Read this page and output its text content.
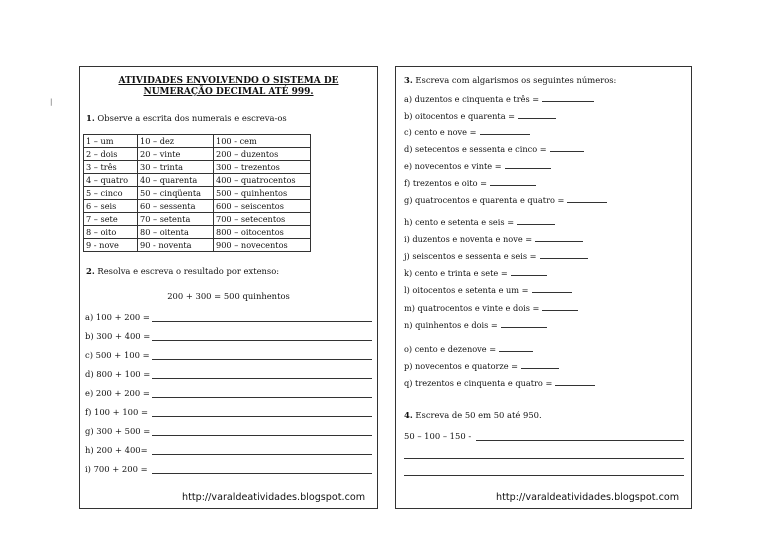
|
ATIVIDADES ENVOLVENDO O SISTEMA DE
NUMERAÇÃO DECIMAL ATÉ 999.
1. Observe a escrita dos numerais e escreva-os
1 – um	10 – dez	100 - cem
2 – dois	20 – vinte	200 – duzentos
3 – três	30 – trinta	300 – trezentos
4 – quatro	40 – quarenta	400 – quatrocentos
5 – cinco	50 – cinqüenta	500 – quinhentos
6 – seis	60 – sessenta	600 – seiscentos
7 – sete	70 – setenta	700 – setecentos
8 – oito	80 – oitenta	800 – oitocentos
9 - nove	90 - noventa	900 – novecentos
2. Resolva e escreva o resultado por extenso:
200 + 300 = 500 quinhentos
a) 100 + 200 =
b) 300 + 400 =
c) 500 + 100 =
d) 800 + 100 =
e) 200 + 200 =
f) 100 + 100 =
g) 300 + 500 =
h) 200 + 400=
i) 700 + 200 =
http://varaldeatividades.blogspot.com
3. Escreva com algarismos os seguintes números:
a) duzentos e cinquenta e três =
b) oitocentos e quarenta =
c) cento e nove =
d) setecentos e sessenta e cinco =
e) novecentos e vinte =
f) trezentos e oito =
g) quatrocentos e quarenta e quatro =
h) cento e setenta e seis =
i) duzentos e noventa e nove =
j) seiscentos e sessenta e seis =
k) cento e trinta e sete =
l) oitocentos e setenta e um =
m) quatrocentos e vinte e dois =
n) quinhentos e dois =
o) cento e dezenove =
p) novecentos e quatorze =
q) trezentos e cinquenta e quatro =
4. Escreva de 50 em 50 até 950.
50 – 100 – 150 -
http://varaldeatividades.blogspot.com
